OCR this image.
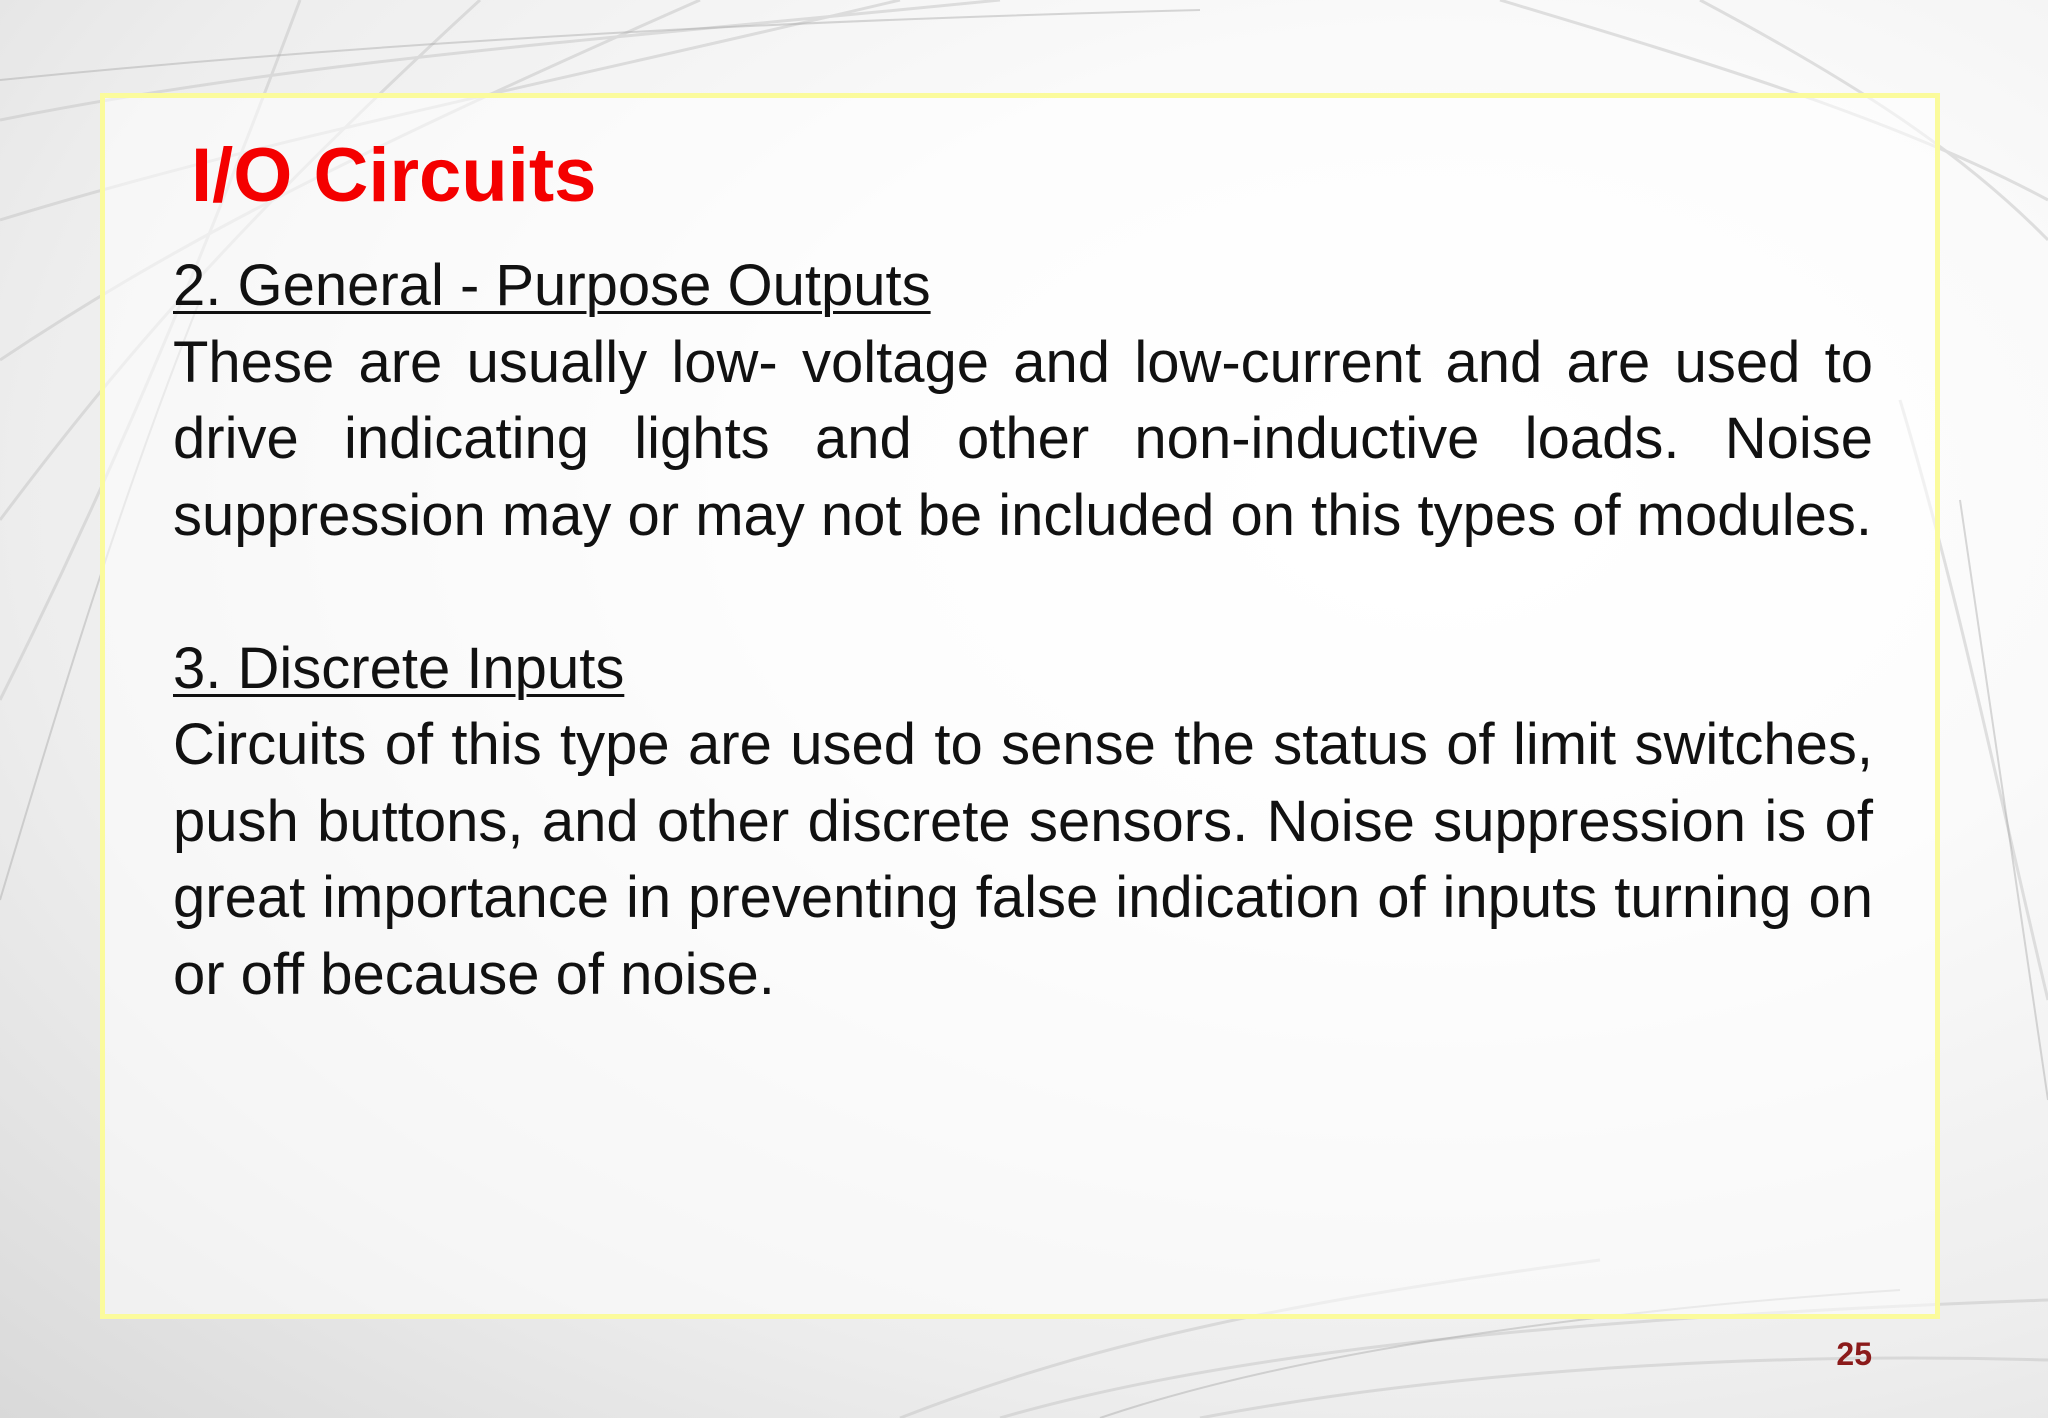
I/O Circuits
2. General - Purpose Outputs

These are usually low- voltage and low-current and are used to drive indicating lights and other non-inductive loads. Noise suppression may or may not be included on this types of modules.

3. Discrete Inputs

Circuits of this type are used to sense the status of limit switches, push buttons, and other discrete sensors. Noise suppression is of great importance in preventing false indication of inputs turning on or off because of noise.

25
